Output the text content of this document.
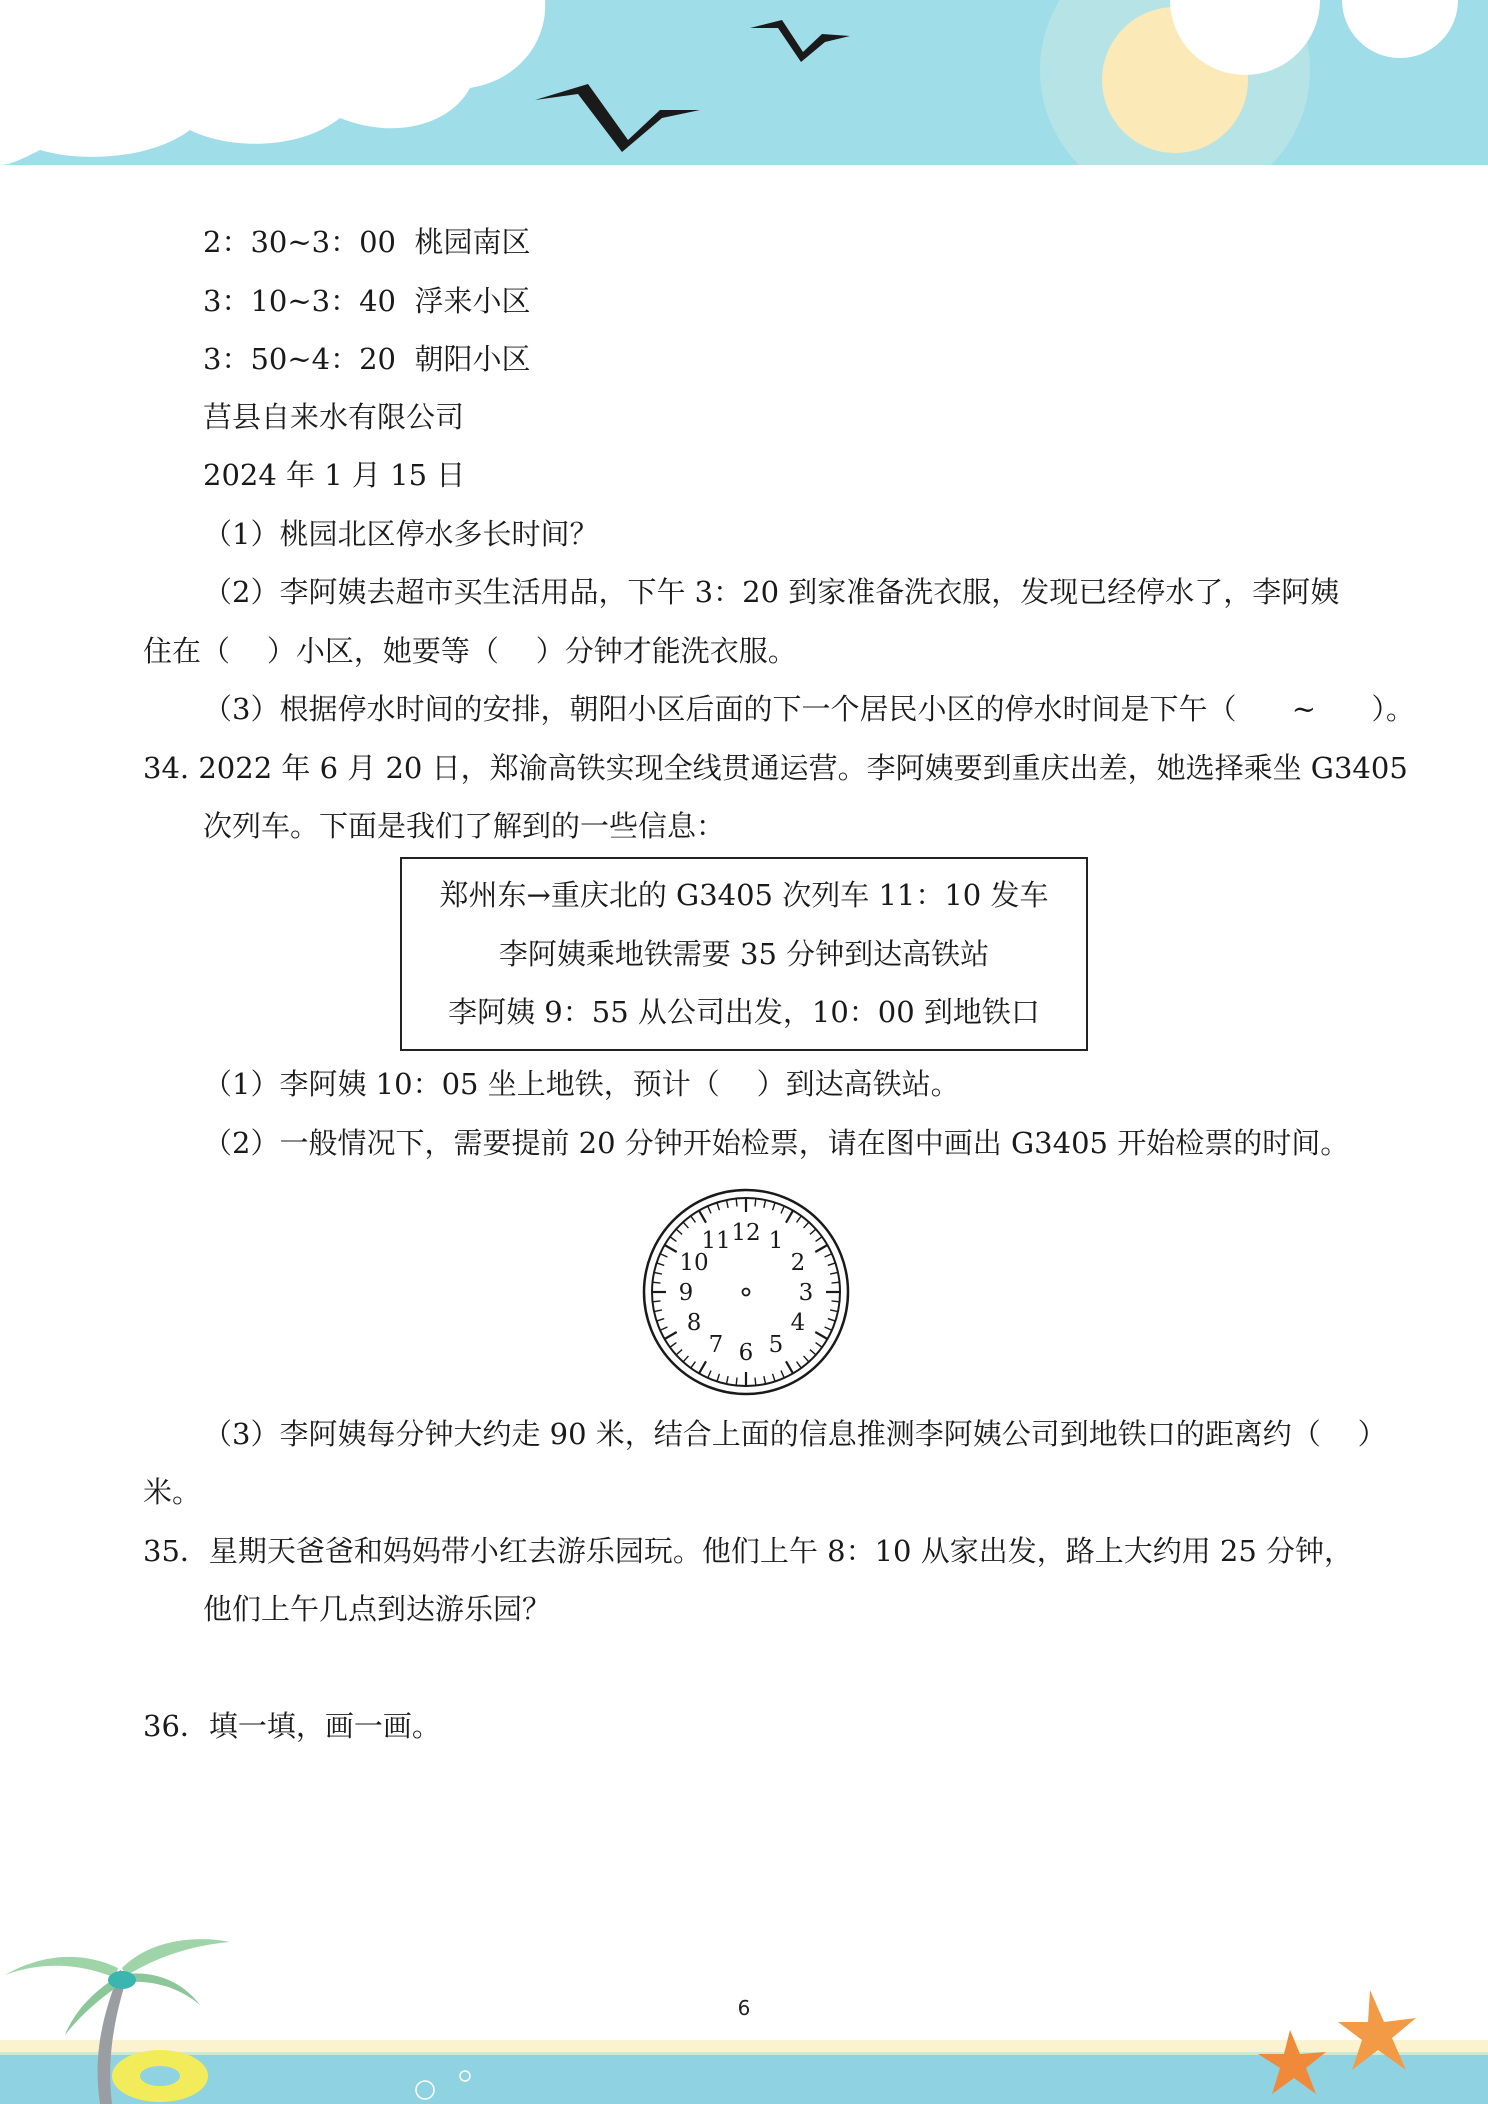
2：30~3：00  桃园南区
3：10~3：40  浮来小区
3：50~4：20  朝阳小区
莒县自来水有限公司
2024 年 1 月 15 日
（1）桃园北区停水多长时间？
（2）李阿姨去超市买生活用品，下午 3：20 到家准备洗衣服，发现已经停水了，李阿姨
住在（    ）小区，她要等（    ）分钟才能洗衣服。
（3）根据停水时间的安排，朝阳小区后面的下一个居民小区的停水时间是下午（      ~      ）。
34. 2022 年 6 月 20 日，郑渝高铁实现全线贯通运营。李阿姨要到重庆出差，她选择乘坐 G3405
次列车。下面是我们了解到的一些信息：
郑州东→重庆北的 G3405 次列车 11：10 发车
李阿姨乘地铁需要 35 分钟到达高铁站
李阿姨 9：55 从公司出发，10：00 到地铁口
（1）李阿姨 10：05 坐上地铁，预计（    ）到达高铁站。
（2）一般情况下，需要提前 20 分钟开始检票，请在图中画出 G3405 开始检票的时间。
12 1
2
3
4
5
6
7
8
9
10
11
（3）李阿姨每分钟大约走 90 米，结合上面的信息推测李阿姨公司到地铁口的距离约（    ）
米。
35．星期天爸爸和妈妈带小红去游乐园玩。他们上午 8：10 从家出发，路上大约用 25 分钟，
他们上午几点到达游乐园？
36．填一填，画一画。
6
